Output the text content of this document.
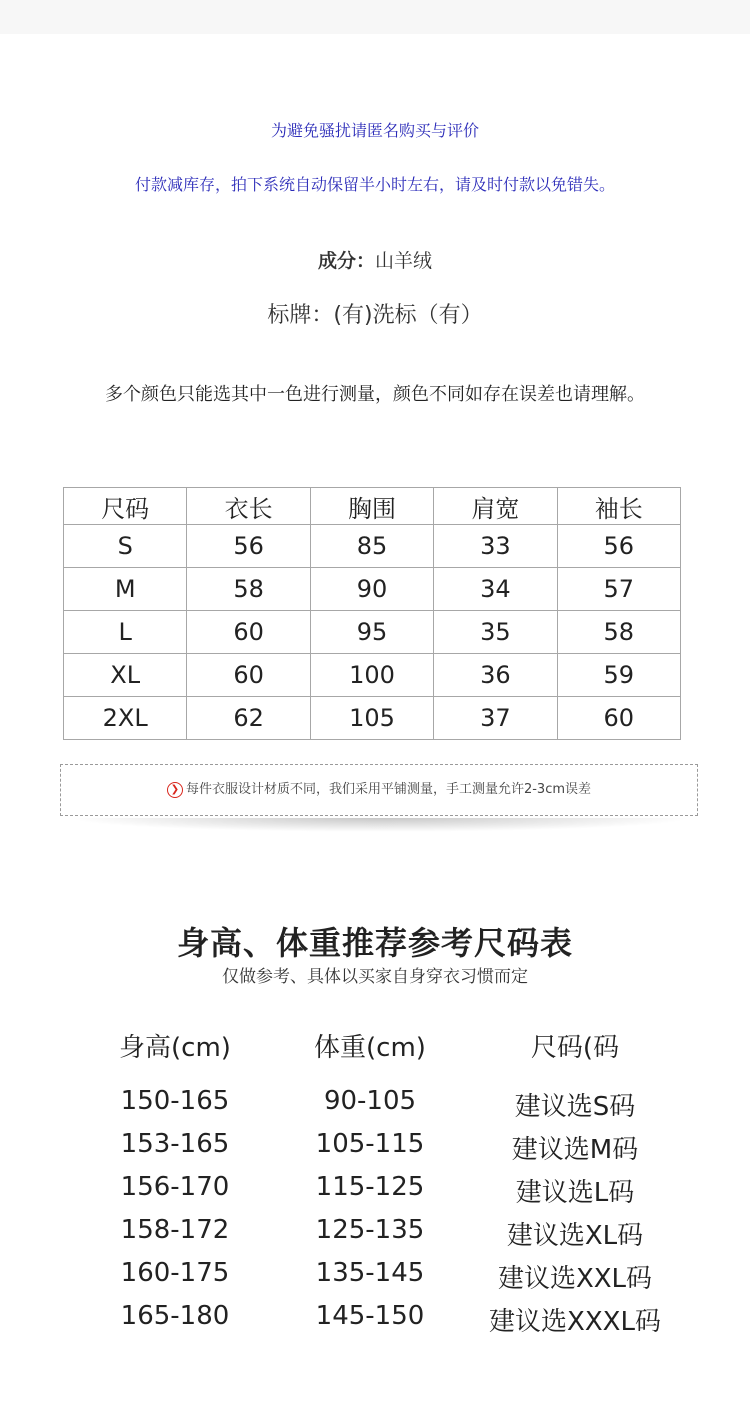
为避免骚扰请匿名购买与评价
付款减库存，拍下系统自动保留半小时左右，请及时付款以免错失。
成分：山羊绒
标牌：(有)洗标（有）
多个颜色只能选其中一色进行测量，颜色不同如存在误差也请理解。
尺码	衣长	胸围	肩宽	袖长
S	56	85	33	56
M	58	90	34	57
L	60	95	35	58
XL	60	100	36	59
2XL	62	105	37	60
❯ 每件衣服设计材质不同，我们采用平铺测量，手工测量允许2-3cm误差
身高、体重推荐参考尺码表
仅做参考、具体以买家自身穿衣习惯而定
身高(cm)	体重(cm)	尺码(码
150-165	90-105	建议选S码
153-165	105-115	建议选M码
156-170	115-125	建议选L码
158-172	125-135	建议选XL码
160-175	135-145	建议选XXL码
165-180	145-150	建议选XXXL码
